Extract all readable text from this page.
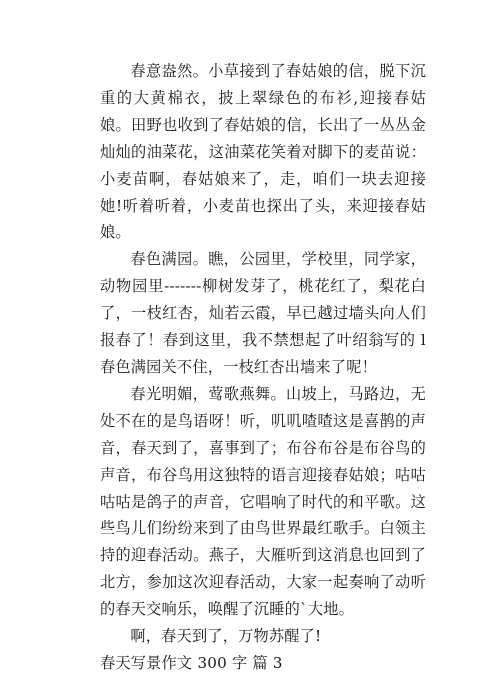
春意盎然。小草接到了春姑娘的信，脱下沉重的大黄棉衣，披上翠绿色的布衫,迎接春姑娘。田野也收到了春姑娘的信，长出了一丛丛金灿灿的油菜花，这油菜花笑着对脚下的麦苗说：小麦苗啊，春姑娘来了，走，咱们一块去迎接她!听着听着，小麦苗也探出了头，来迎接春姑娘。

春色满园。瞧，公园里，学校里，同学家，动物园里-------柳树发芽了，桃花红了，梨花白了，一枝红杏，灿若云霞，早已越过墙头向人们报春了！春到这里，我不禁想起了叶绍翁写的 l 春色满园关不住，一枝红杏出墙来了呢！

春光明媚，莺歌燕舞。山坡上，马路边，无处不在的是鸟语呀！听，叽叽喳喳这是喜鹊的声音，春天到了，喜事到了；布谷布谷是布谷鸟的声音，布谷鸟用这独特的语言迎接春姑娘；咕咕咕咕是鸽子的声音，它唱响了时代的和平歌。这些鸟儿们纷纷来到了由鸟世界最红歌手。白领主持的迎春活动。燕子，大雁听到这消息也回到了北方，参加这次迎春活动，大家一起奏响了动听的春天交响乐，唤醒了沉睡的`大地。

啊，春天到了，万物苏醒了!

春天写景作文 300 字 篇 3
